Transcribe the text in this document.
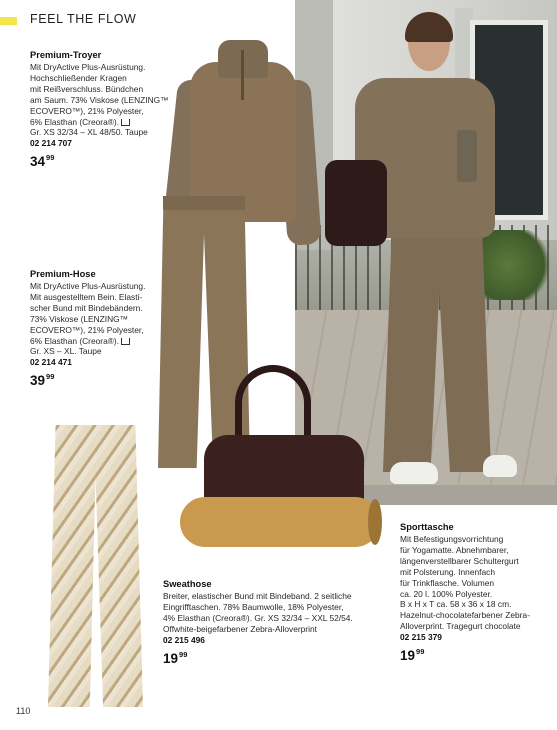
FEEL THE FLOW
Premium-Troyer
Mit DryActive Plus-Ausrüstung.
Hochschließender Kragen
mit Reißverschluss. Bündchen
am Saum. 73% Viskose (LENZING™
ECOVERO™), 21% Polyester,
6% Elasthan (Creora®).
Gr. XS 32/34 – XL 48/50. Taupe
02 214 707
$34^{99}$
Premium-Hose
Mit DryActive Plus-Ausrüstung.
Mit ausgestelltem Bein. Elasti-
scher Bund mit Bindebändern.
73% Viskose (LENZING™
ECOVERO™), 21% Polyester,
6% Elasthan (Creora®).
Gr. XS – XL. Taupe
02 214 471
$39^{99}$
Sweathose
Breiter, elastischer Bund mit Bindeband. 2 seitliche
Eingrifftaschen. 78% Baumwolle, 18% Polyester,
4% Elasthan (Creora®). Gr. XS 32/34 – XXL 52/54.
Offwhite-beigefarbener Zebra-Alloverprint
02 215 496
$19^{99}$
Sporttasche
Mit Befestigungsvorrichtung
für Yogamatte. Abnehmbarer,
längenverstellbarer Schultergurt
mit Polsterung. Innenfach
für Trinkflasche. Volumen
ca. 20 l. 100% Polyester.
B x H x T ca. 58 x 36 x 18 cm.
Hazelnut-chocolatefarbener Zebra-
Alloverprint. Tragegurt chocolate
02 215 379
$19^{99}$
110
